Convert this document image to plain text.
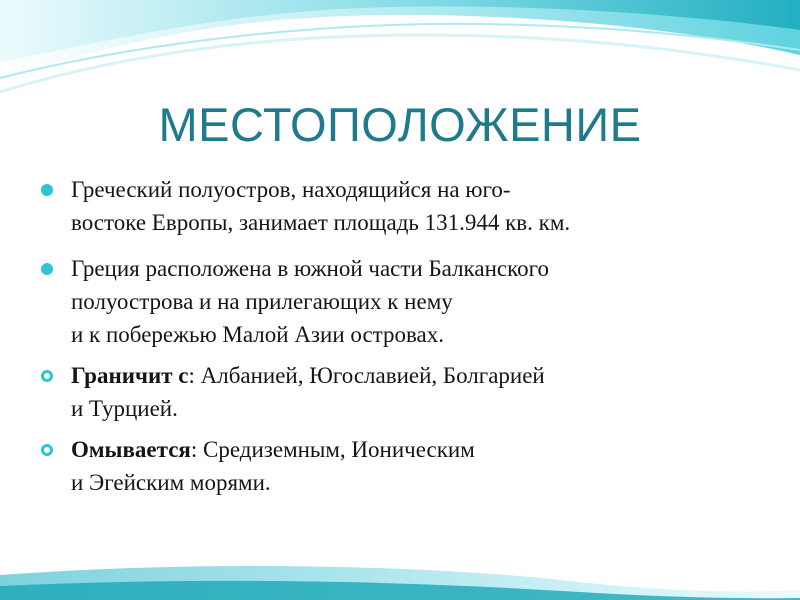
МЕСТОПОЛОЖЕНИЕ
Греческий полуостров, находящийся на юго-
востоке Европы, занимает площадь 131.944 кв. км.
Греция расположена в южной части Балканского
полуострова и на прилегающих к нему
и к побережью Малой Азии островах.
Граничит с: Албанией, Югославией, Болгарией
и Турцией.
Омывается: Средиземным, Ионическим
и Эгейским морями.
